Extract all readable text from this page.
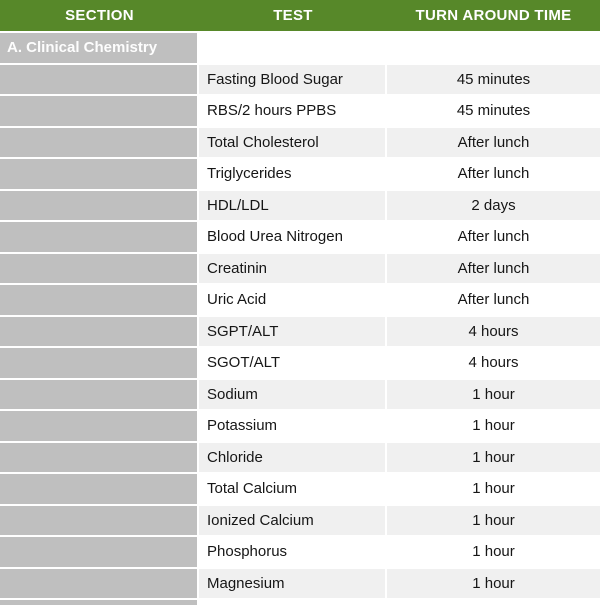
SECTION	TEST	TURN AROUND TIME
A. Clinical Chemistry
Fasting Blood Sugar	45 minutes
RBS/2 hours PPBS	45 minutes
Total Cholesterol	After lunch
Triglycerides	After lunch
HDL/LDL	2 days
Blood Urea Nitrogen	After lunch
Creatinin	After lunch
Uric Acid	After lunch
SGPT/ALT	4 hours
SGOT/ALT	4 hours
Sodium	1 hour
Potassium	1 hour
Chloride	1 hour
Total Calcium	1 hour
Ionized Calcium	1 hour
Phosphorus	1 hour
Magnesium	1 hour
